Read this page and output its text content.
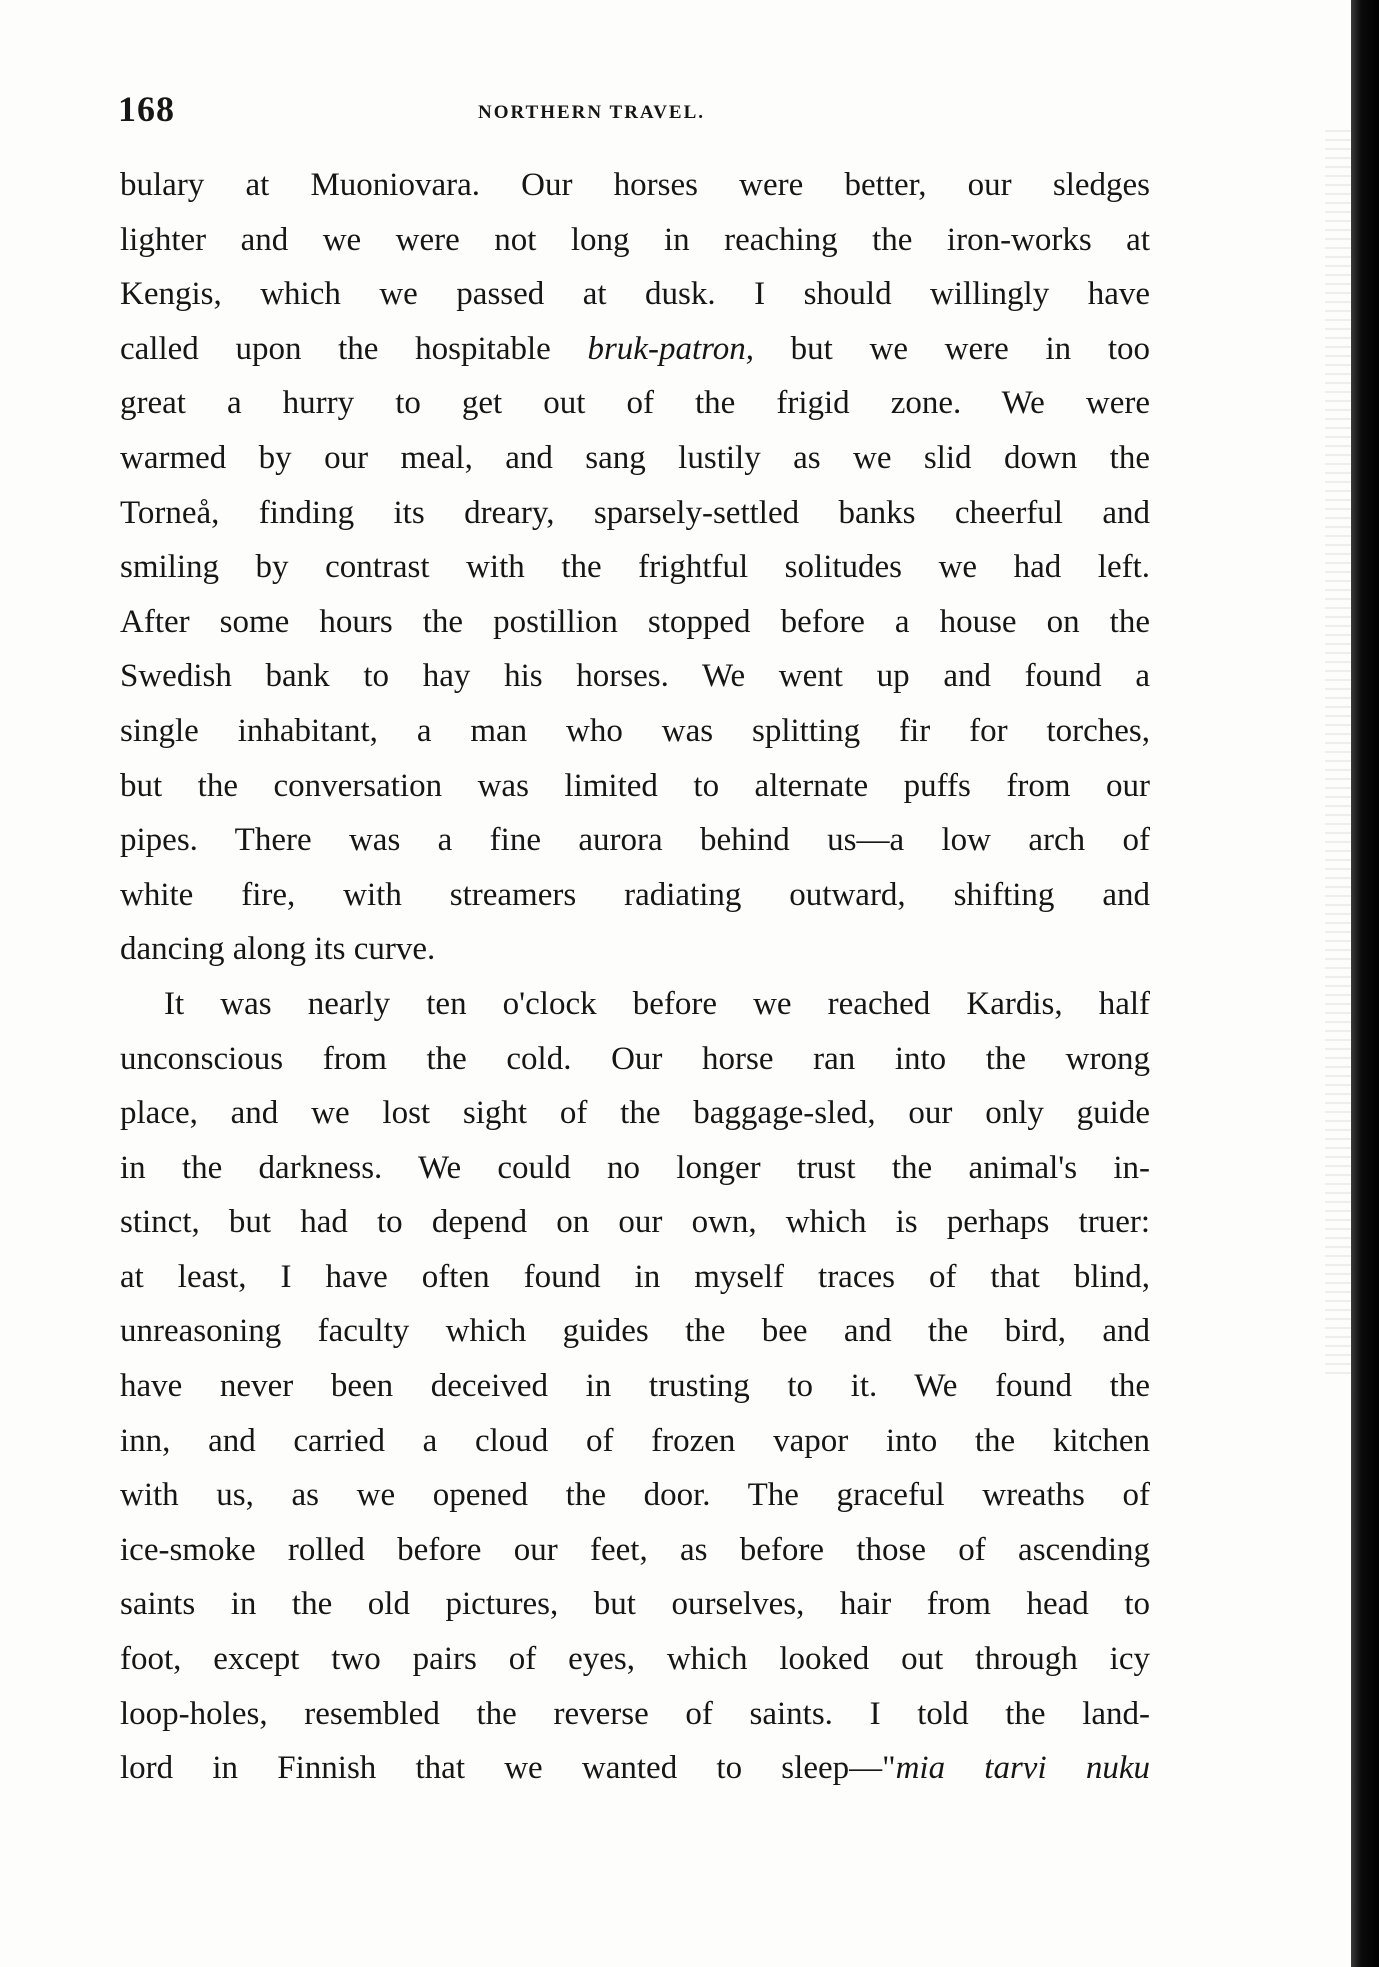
168	NORTHERN TRAVEL.
bulary at Muoniovara. Our horses were better, our sledges
lighter and we were not long in reaching the iron-works at
Kengis, which we passed at dusk. I should willingly have
called upon the hospitable bruk-patron, but we were in too
great a hurry to get out of the frigid zone. We were
warmed by our meal, and sang lustily as we slid down the
Torneå, finding its dreary, sparsely-settled banks cheerful and
smiling by contrast with the frightful solitudes we had left.
After some hours the postillion stopped before a house on the
Swedish bank to hay his horses. We went up and found a
single inhabitant, a man who was splitting fir for torches,
but the conversation was limited to alternate puffs from our
pipes. There was a fine aurora behind us—a low arch of
white fire, with streamers radiating outward, shifting and
dancing along its curve.
It was nearly ten o'clock before we reached Kardis, half
unconscious from the cold. Our horse ran into the wrong
place, and we lost sight of the baggage-sled, our only guide
in the darkness. We could no longer trust the animal's in-
stinct, but had to depend on our own, which is perhaps truer:
at least, I have often found in myself traces of that blind,
unreasoning faculty which guides the bee and the bird, and
have never been deceived in trusting to it. We found the
inn, and carried a cloud of frozen vapor into the kitchen
with us, as we opened the door. The graceful wreaths of
ice-smoke rolled before our feet, as before those of ascending
saints in the old pictures, but ourselves, hair from head to
foot, except two pairs of eyes, which looked out through icy
loop-holes, resembled the reverse of saints. I told the land-
lord in Finnish that we wanted to sleep—"mia tarvi nuku
